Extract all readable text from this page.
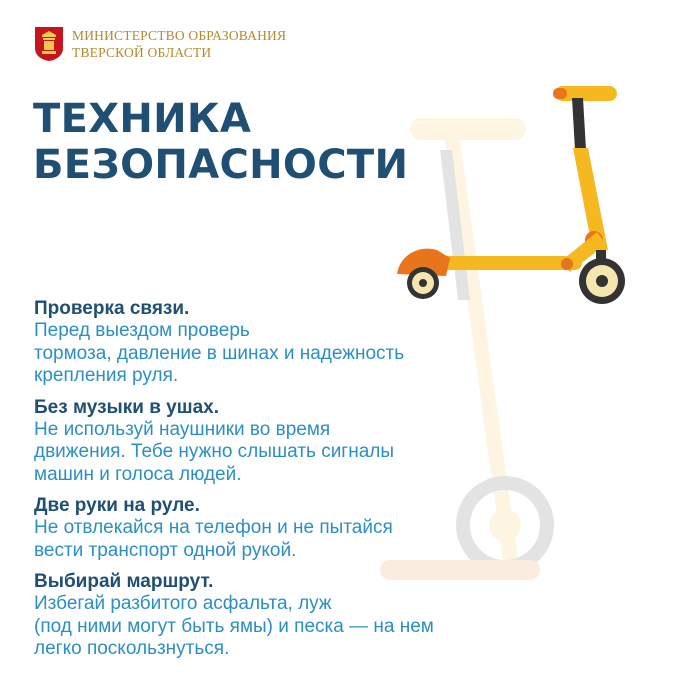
МИНИСТЕРСТВО ОБРАЗОВАНИЯ
ТВЕРСКОЙ ОБЛАСТИ
ТЕХНИКА
БЕЗОПАСНОСТИ
Проверка связи.
Перед выездом проверь
тормоза, давление в шинах и надежность
крепления руля.
Без музыки в ушах.
Не используй наушники во время
движения. Тебе нужно слышать сигналы
машин и голоса людей.
Две руки на руле.
Не отвлекайся на телефон и не пытайся
вести транспорт одной рукой.
Выбирай маршрут.
Избегай разбитого асфальта, луж
(под ними могут быть ямы) и песка — на нем
легко поскользнуться.
